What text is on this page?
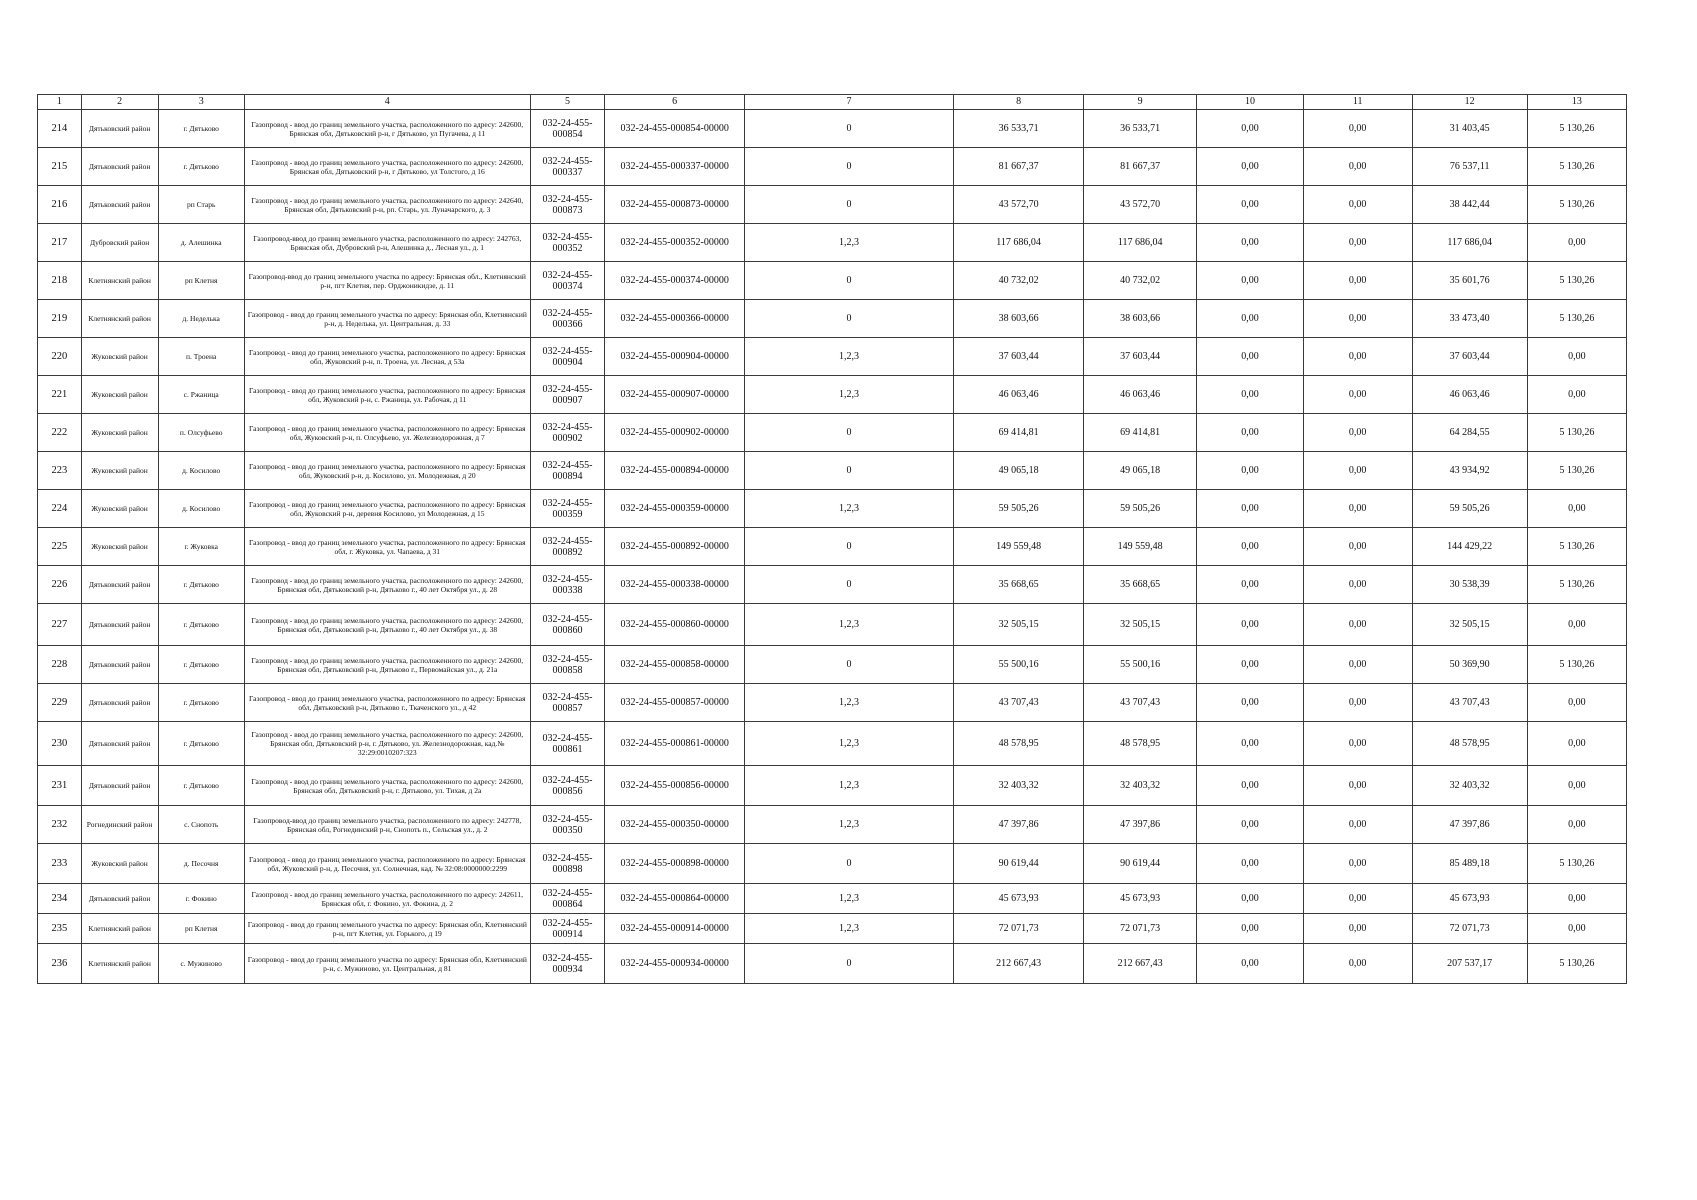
1	2	3	4	5	6	7	8	9	10	11	12	13
214	Дятьковский район	г. Дятьково	Газопровод - ввод до границ земельного участка, расположенного по адресу: 242600, Брянская обл, Дятьковский р-н, г Дятьково, ул Пугачева, д 11	032-24-455-000854	032-24-455-000854-00000	0	36 533,71	36 533,71	0,00	0,00	31 403,45	5 130,26
215	Дятьковский район	г. Дятьково	Газопровод - ввод до границ земельного участка, расположенного по адресу: 242600, Брянская обл, Дятьковский р-н, г Дятьково, ул Толстого, д 16	032-24-455-000337	032-24-455-000337-00000	0	81 667,37	81 667,37	0,00	0,00	76 537,11	5 130,26
216	Дятьковский район	рп Старь	Газопровод - ввод до границ земельного участка, расположенного по адресу: 242640, Брянская обл, Дятьковский р-н, рп. Старь, ул. Луначарского, д. 3	032-24-455-000873	032-24-455-000873-00000	0	43 572,70	43 572,70	0,00	0,00	38 442,44	5 130,26
217	Дубровский район	д. Алешинка	Газопровод-ввод до границ земельного участка, расположенного по адресу: 242763, Брянская обл, Дубровский р-н, Алешинка д., Лесная ул., д. 1	032-24-455-000352	032-24-455-000352-00000	1,2,3	117 686,04	117 686,04	0,00	0,00	117 686,04	0,00
218	Клетнянский район	рп Клетня	Газопровод-ввод до границ земельного участка по адресу: Брянская обл., Клетнянский р-н, пгт Клетня, пер. Орджоникидзе, д. 11	032-24-455-000374	032-24-455-000374-00000	0	40 732,02	40 732,02	0,00	0,00	35 601,76	5 130,26
219	Клетнянский район	д. Неделька	Газопровод - ввод до границ земельного участка по адресу: Брянская обл, Клетнянский р-н, д. Неделька, ул. Центральная, д. 33	032-24-455-000366	032-24-455-000366-00000	0	38 603,66	38 603,66	0,00	0,00	33 473,40	5 130,26
220	Жуковский район	п. Троена	Газопровод - ввод до границ земельного участка, расположенного по адресу: Брянская обл, Жуковский р-н, п. Троена, ул. Лесная, д 53а	032-24-455-000904	032-24-455-000904-00000	1,2,3	37 603,44	37 603,44	0,00	0,00	37 603,44	0,00
221	Жуковский район	с. Ржаница	Газопровод - ввод до границ земельного участка, расположенного по адресу: Брянская обл, Жуковский р-н, с. Ржаница, ул. Рабочая, д 11	032-24-455-000907	032-24-455-000907-00000	1,2,3	46 063,46	46 063,46	0,00	0,00	46 063,46	0,00
222	Жуковский район	п. Олсуфьево	Газопровод - ввод до границ земельного участка, расположенного по адресу: Брянская обл, Жуковский р-н, п. Олсуфьево, ул. Железнодорожная, д 7	032-24-455-000902	032-24-455-000902-00000	0	69 414,81	69 414,81	0,00	0,00	64 284,55	5 130,26
223	Жуковский район	д. Косилово	Газопровод - ввод до границ земельного участка, расположенного по адресу: Брянская обл, Жуковский р-н, д. Косилово, ул. Молодежная, д 20	032-24-455-000894	032-24-455-000894-00000	0	49 065,18	49 065,18	0,00	0,00	43 934,92	5 130,26
224	Жуковский район	д. Косилово	Газопровод - ввод до границ земельного участка, расположенного по адресу: Брянская обл, Жуковский р-н, деревня Косилово, ул Молодежная, д 15	032-24-455-000359	032-24-455-000359-00000	1,2,3	59 505,26	59 505,26	0,00	0,00	59 505,26	0,00
225	Жуковский район	г. Жуковка	Газопровод - ввод до границ земельного участка, расположенного по адресу: Брянская обл, г. Жуковка, ул. Чапаева, д 31	032-24-455-000892	032-24-455-000892-00000	0	149 559,48	149 559,48	0,00	0,00	144 429,22	5 130,26
226	Дятьковский район	г. Дятьково	Газопровод - ввод до границ земельного участка, расположенного по адресу: 242600, Брянская обл, Дятьковский р-н, Дятьково г., 40 лет Октября ул., д. 28	032-24-455-000338	032-24-455-000338-00000	0	35 668,65	35 668,65	0,00	0,00	30 538,39	5 130,26
227	Дятьковский район	г. Дятьково	Газопровод - ввод до границ земельного участка, расположенного по адресу: 242600, Брянская обл, Дятьковский р-н, Дятьково г., 40 лет Октября ул., д. 38	032-24-455-000860	032-24-455-000860-00000	1,2,3	32 505,15	32 505,15	0,00	0,00	32 505,15	0,00
228	Дятьковский район	г. Дятьково	Газопровод - ввод до границ земельного участка, расположенного по адресу: 242600, Брянская обл, Дятьковский р-н, Дятьково г., Первомайская ул., д. 21а	032-24-455-000858	032-24-455-000858-00000	0	55 500,16	55 500,16	0,00	0,00	50 369,90	5 130,26
229	Дятьковский район	г. Дятьково	Газопровод - ввод до границ земельного участка, расположенного по адресу: Брянская обл, Дятьковский р-н, Дятьково г., Ткаченского ул., д 42	032-24-455-000857	032-24-455-000857-00000	1,2,3	43 707,43	43 707,43	0,00	0,00	43 707,43	0,00
230	Дятьковский район	г. Дятьково	Газопровод - ввод до границ земельного участка, расположенного по адресу: 242600, Брянская обл, Дятьковский р-н, г. Дятьково, ул. Железнодорожная, кад.№ 32:29:0010207:323	032-24-455-000861	032-24-455-000861-00000	1,2,3	48 578,95	48 578,95	0,00	0,00	48 578,95	0,00
231	Дятьковский район	г. Дятьково	Газопровод - ввод до границ земельного участка, расположенного по адресу: 242600, Брянская обл, Дятьковский р-н, г. Дятьково, ул. Тихая, д 2а	032-24-455-000856	032-24-455-000856-00000	1,2,3	32 403,32	32 403,32	0,00	0,00	32 403,32	0,00
232	Рогнединский район	с. Снопоть	Газопровод-ввод до границ земельного участка, расположенного по адресу: 242778, Брянская обл, Рогнединский р-н, Снопоть п., Сельская ул., д. 2	032-24-455-000350	032-24-455-000350-00000	1,2,3	47 397,86	47 397,86	0,00	0,00	47 397,86	0,00
233	Жуковский район	д. Песочня	Газопровод - ввод до границ земельного участка, расположенного по адресу: Брянская обл, Жуковский р-н, д. Песочня, ул. Солнечная, кад. № 32:08:0000000:2299	032-24-455-000898	032-24-455-000898-00000	0	90 619,44	90 619,44	0,00	0,00	85 489,18	5 130,26
234	Дятьковский район	г. Фокино	Газопровод - ввод до границ земельного участка, расположенного по адресу: 242611, Брянская обл, г. Фокино, ул. Фокина, д. 2	032-24-455-000864	032-24-455-000864-00000	1,2,3	45 673,93	45 673,93	0,00	0,00	45 673,93	0,00
235	Клетнянский район	рп Клетня	Газопровод - ввод до границ земельного участка по адресу: Брянская обл, Клетнянский р-н, пгт Клетня, ул. Горького, д 19	032-24-455-000914	032-24-455-000914-00000	1,2,3	72 071,73	72 071,73	0,00	0,00	72 071,73	0,00
236	Клетнянский район	с. Мужиново	Газопровод - ввод до границ земельного участка по адресу: Брянская обл, Клетнянский р-н, с. Мужиново, ул. Центральная, д 81	032-24-455-000934	032-24-455-000934-00000	0	212 667,43	212 667,43	0,00	0,00	207 537,17	5 130,26
